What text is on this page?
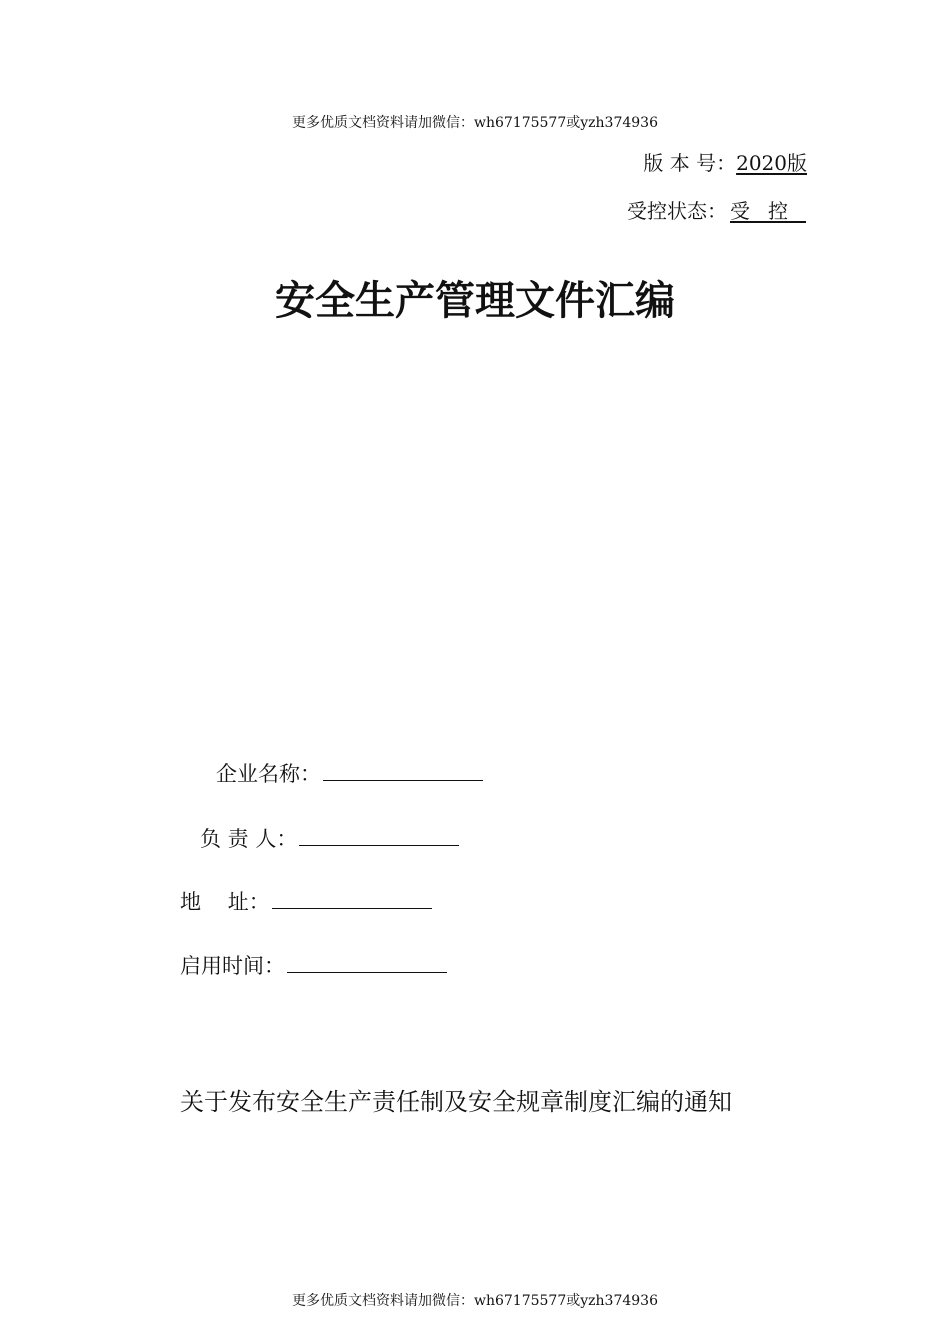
更多优质文档资料请加微信：wh67175577或yzh374936
版 本 号：2020版
受控状态： 受控
安全生产管理文件汇编
企业名称：
负 责 人：
地    址：
启用时间：
关于发布安全生产责任制及安全规章制度汇编的通知
更多优质文档资料请加微信：wh67175577或yzh374936
